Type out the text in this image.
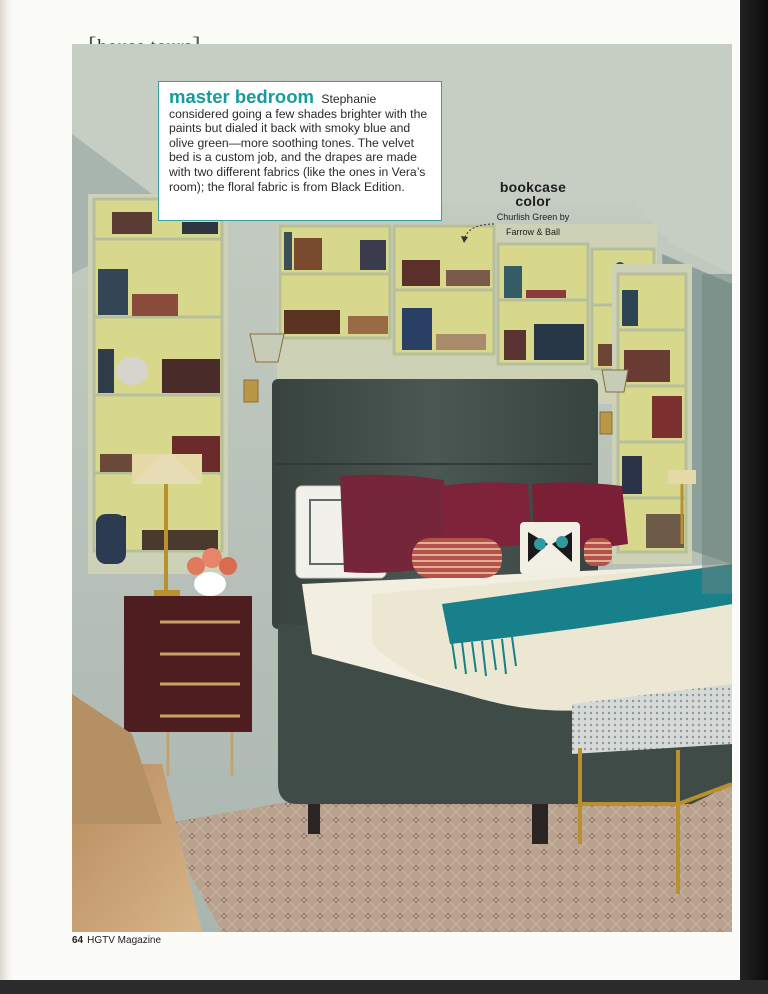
master bedroom Stephanie considered going a few shades brighter with the paints but dialed it back with smoky blue and olive green—more soothing tones. The velvet bed is a custom job, and the drapes are made with two different fabrics (like the ones in Vera’s room); the floral fabric is from Black Edition.	bookcase
color
Churlish Green by
Farrow & Ball
64 HGTV Magazine
